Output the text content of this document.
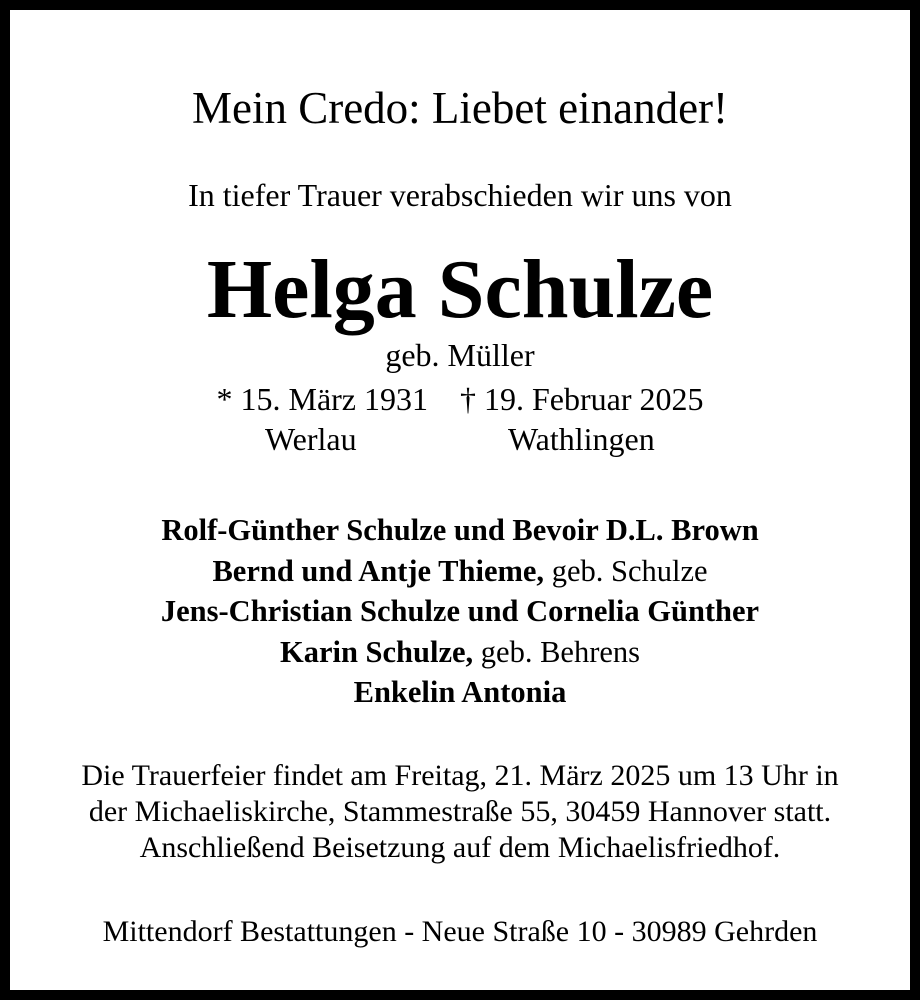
Mein Credo: Liebet einander!
In tiefer Trauer verabschieden wir uns von
Helga Schulze
geb. Müller
* 15. März 1931 † 19. Februar 2025
Werlau	Wathlingen
Rolf-Günther Schulze und Bevoir D.L. Brown
Bernd und Antje Thieme, geb. Schulze
Jens-Christian Schulze und Cornelia Günther
Karin Schulze, geb. Behrens
Enkelin Antonia
Die Trauerfeier findet am Freitag, 21. März 2025 um 13 Uhr in
der Michaeliskirche, Stammestraße 55, 30459 Hannover statt.
Anschließend Beisetzung auf dem Michaelisfriedhof.
Mittendorf Bestattungen - Neue Straße 10 - 30989 Gehrden
